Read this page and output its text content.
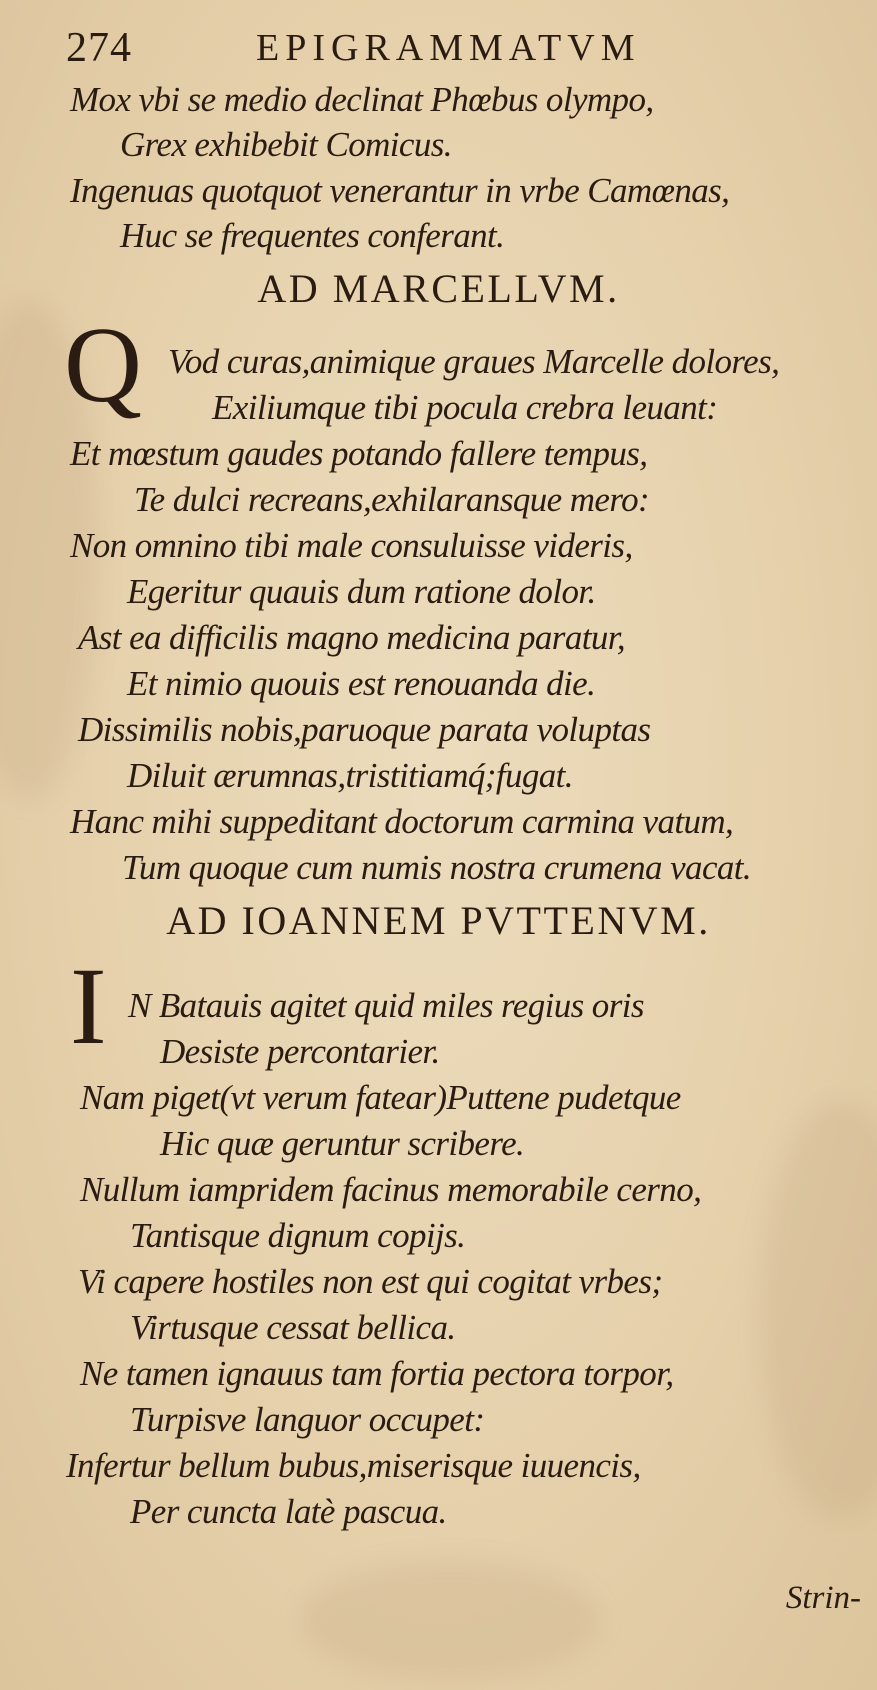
274	EPIGRAMMATVM
Mox vbi se medio declinat Phœbus olympo,
Grex exhibebit Comicus.
Ingenuas quotquot venerantur in vrbe Camœnas,
Huc se frequentes conferant.
AD MARCELLVM.
Q Vod curas,animique graues Marcelle dolores,
Exiliumque tibi pocula crebra leuant:
Et mœstum gaudes potando fallere tempus,
Te dulci recreans,exhilaransque mero:
Non omnino tibi male consuluisse videris,
Egeritur quauis dum ratione dolor.
Ast ea difficilis magno medicina paratur,
Et nimio quouis est renouanda die.
Dissimilis nobis,paruoque parata voluptas
Diluit ærumnas,tristitiamq́;fugat.
Hanc mihi suppeditant doctorum carmina vatum,
Tum quoque cum numis nostra crumena vacat.
AD IOANNEM PVTTENVM.
I N Batauis agitet quid miles regius oris
Desiste percontarier.
Nam piget(vt verum fatear)Puttene pudetque
Hic quæ geruntur scribere.
Nullum iampridem facinus memorabile cerno,
Tantisque dignum copijs.
Vi capere hostiles non est qui cogitat vrbes;
Virtusque cessat bellica.
Ne tamen ignauus tam fortia pectora torpor,
Turpisve languor occupet:
Infertur bellum bubus,miserisque iuuencis,
Per cuncta latè pascua.
Strin-
